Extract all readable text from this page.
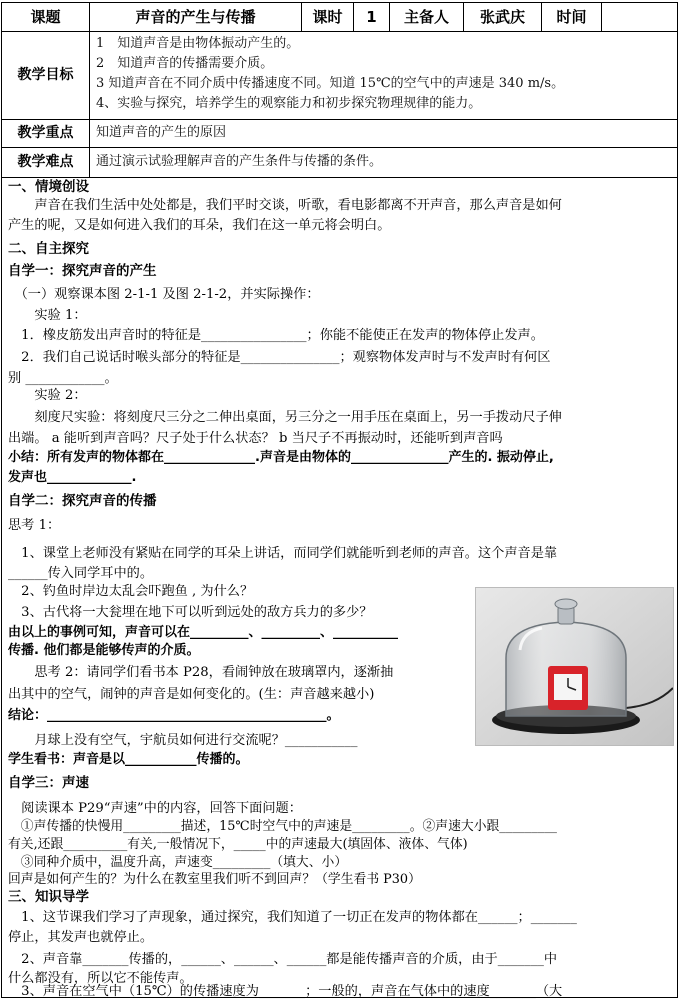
课题	声音的产生与传播	课时	1	主备人	张武庆	时间
教学目标
1　知道声音是由物体振动产生的。
2　知道声音的传播需要介质。
3 知道声音在不同介质中传播速度不同。知道 15℃的空气中的声速是 340 m/s。
4、实验与探究，培养学生的观察能力和初步探究物理规律的能力。
教学重点	知道声音的产生的原因
教学难点	通过演示试验理解声音的产生条件与传播的条件。
一、情境创设
　　声音在我们生活中处处都是，我们平时交谈，听歌，看电影都离不开声音，那么声音是如何
产生的呢，又是如何进入我们的耳朵，我们在这一单元将会明白。
二、自主探究
自学一：探究声音的产生
　（一）观察课本图 2-1-1 及图 2-1-2，并实际操作：
　　实验 1：
　1．橡皮筋发出声音时的特征是________________；你能不能使正在发声的物体停止发声。
　2．我们自己说话时喉头部分的特征是_______________；观察物体发声时与不发声时有何区
别 ____________。
　　实验 2：
　　刻度尺实验：将刻度尺三分之二伸出桌面，另三分之一用手压在桌面上，另一手拨动尺子伸
出端。 a 能听到声音吗？尺子处于什么状态？ b 当尺子不再振动时，还能听到声音吗
小结：所有发声的物体都在______________.声音是由物体的_______________产生的. 振动停止,
发声也_____________.
自学二：探究声音的传播
思考 1：
　1、课堂上老师没有紧贴在同学的耳朵上讲话，而同学们就能听到老师的声音。这个声音是靠
______传入同学耳中的。
　2、钓鱼时岸边太乱会吓跑鱼 , 为什么？
　3、古代将一大瓮埋在地下可以听到远处的敌方兵力的多少？
由以上的事例可知，声音可以在_________、_________、__________
传播. 他们都是能够传声的介质。
　　思考 2：请同学们看书本 P28，看闹钟放在玻璃罩内，逐渐抽
出其中的空气，闹钟的声音是如何变化的。(生：声音越来越小)
结论：___________________________________________。
　　月球上没有空气，宇航员如何进行交流呢？___________
学生看书：声音是以___________传播的。
自学三：声速
　阅读课本 P29“声速”中的内容，回答下面问题：
　①声传播的快慢用_________描述，15℃时空气中的声速是_________。②声速大小跟_________
有关,还跟__________有关,一般情况下，_____中的声速最大(填固体、液体、气体)
　③同种介质中，温度升高，声速变_________（填大、小）
回声是如何产生的？为什么在教室里我们听不到回声？（学生看书 P30）
三、知识导学
　1、这节课我们学习了声现象，通过探究，我们知道了一切正在发声的物体都在______；_______
停止，其发声也就停止。
　2、声音靠_______传播的，______、______、______都是能传播声音的介质，由于_______中
什么都没有，所以它不能传声。
　3、声音在空气中（15℃）的传播速度为_______；一般的，声音在气体中的速度_______（大
